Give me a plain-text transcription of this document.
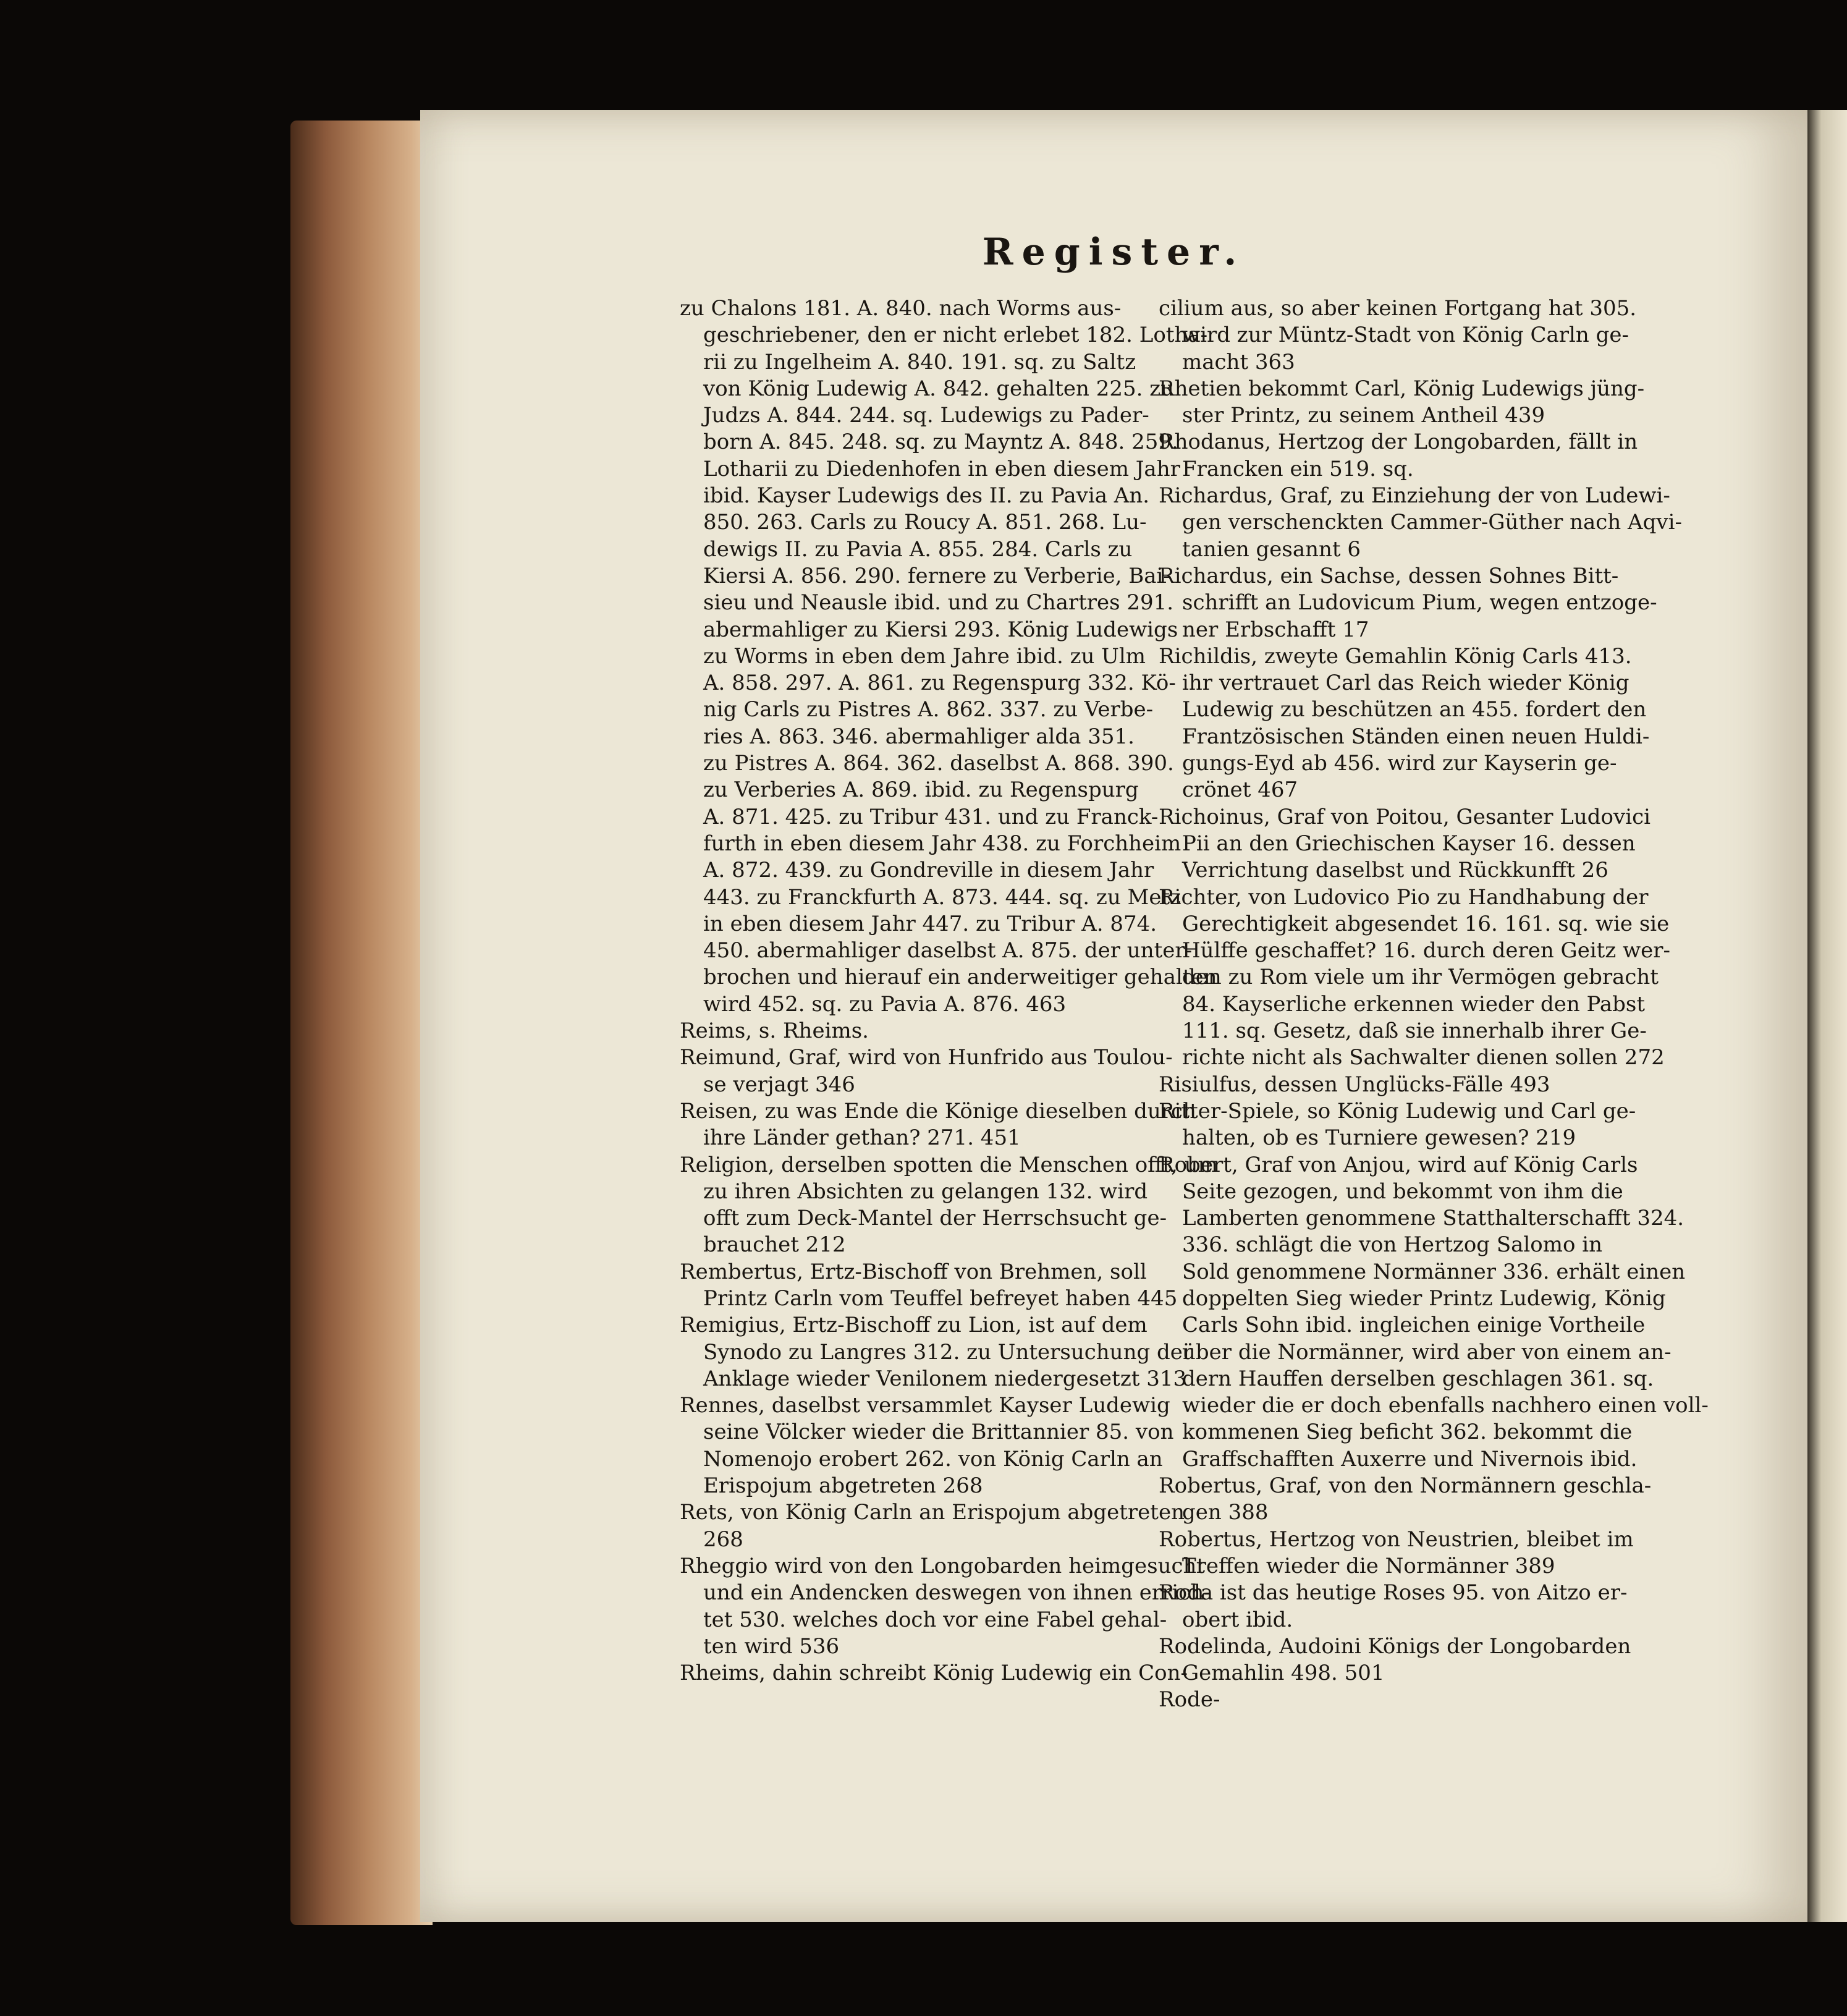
Register.
zu Chalons 181. A. 840. nach Worms aus-
geschriebener, den er nicht erlebet 182. Lotha-
rii zu Ingelheim A. 840. 191. sq. zu Saltz
von König Ludewig A. 842. gehalten 225. zu
Judzs A. 844. 244. sq. Ludewigs zu Pader-
born A. 845. 248. sq. zu Mayntz A. 848. 259.
Lotharii zu Diedenhofen in eben diesem Jahr
ibid. Kayser Ludewigs des II. zu Pavia An.
850. 263. Carls zu Roucy A. 851. 268. Lu-
dewigs II. zu Pavia A. 855. 284. Carls zu
Kiersi A. 856. 290. fernere zu Verberie, Bai-
sieu und Neausle ibid. und zu Chartres 291.
abermahliger zu Kiersi 293. König Ludewigs
zu Worms in eben dem Jahre ibid. zu Ulm
A. 858. 297. A. 861. zu Regenspurg 332. Kö-
nig Carls zu Pistres A. 862. 337. zu Verbe-
ries A. 863. 346. abermahliger alda 351.
zu Pistres A. 864. 362. daselbst A. 868. 390.
zu Verberies A. 869. ibid. zu Regenspurg
A. 871. 425. zu Tribur 431. und zu Franck-
furth in eben diesem Jahr 438. zu Forchheim
A. 872. 439. zu Gondreville in diesem Jahr
443. zu Franckfurth A. 873. 444. sq. zu Metz
in eben diesem Jahr 447. zu Tribur A. 874.
450. abermahliger daselbst A. 875. der unter-
brochen und hierauf ein anderweitiger gehalten
wird 452. sq. zu Pavia A. 876. 463
Reims, s. Rheims.
Reimund, Graf, wird von Hunfrido aus Toulou-
se verjagt 346
Reisen, zu was Ende die Könige dieselben durch
ihre Länder gethan? 271. 451
Religion, derselben spotten die Menschen offt, um
zu ihren Absichten zu gelangen 132. wird
offt zum Deck-Mantel der Herrschsucht ge-
brauchet 212
Rembertus, Ertz-Bischoff von Brehmen, soll
Printz Carln vom Teuffel befreyet haben 445
Remigius, Ertz-Bischoff zu Lion, ist auf dem
Synodo zu Langres 312. zu Untersuchung der
Anklage wieder Venilonem niedergesetzt 313
Rennes, daselbst versammlet Kayser Ludewig
seine Völcker wieder die Brittannier 85. von
Nomenojo erobert 262. von König Carln an
Erispojum abgetreten 268
Rets, von König Carln an Erispojum abgetreten
268
Rheggio wird von den Longobarden heimgesucht
und ein Andencken deswegen von ihnen errich-
tet 530. welches doch vor eine Fabel gehal-
ten wird 536
Rheims, dahin schreibt König Ludewig ein Con-
cilium aus, so aber keinen Fortgang hat 305.
wird zur Müntz-Stadt von König Carln ge-
macht 363
Rhetien bekommt Carl, König Ludewigs jüng-
ster Printz, zu seinem Antheil 439
Rhodanus, Hertzog der Longobarden, fällt in
Francken ein 519. sq.
Richardus, Graf, zu Einziehung der von Ludewi-
gen verschenckten Cammer-Güther nach Aqvi-
tanien gesannt 6
Richardus, ein Sachse, dessen Sohnes Bitt-
schrifft an Ludovicum Pium, wegen entzoge-
ner Erbschafft 17
Richildis, zweyte Gemahlin König Carls 413.
ihr vertrauet Carl das Reich wieder König
Ludewig zu beschützen an 455. fordert den
Frantzösischen Ständen einen neuen Huldi-
gungs-Eyd ab 456. wird zur Kayserin ge-
crönet 467
Richoinus, Graf von Poitou, Gesanter Ludovici
Pii an den Griechischen Kayser 16. dessen
Verrichtung daselbst und Rückkunfft 26
Richter, von Ludovico Pio zu Handhabung der
Gerechtigkeit abgesendet 16. 161. sq. wie sie
Hülffe geschaffet? 16. durch deren Geitz wer-
den zu Rom viele um ihr Vermögen gebracht
84. Kayserliche erkennen wieder den Pabst
111. sq. Gesetz, daß sie innerhalb ihrer Ge-
richte nicht als Sachwalter dienen sollen 272
Risiulfus, dessen Unglücks-Fälle 493
Ritter-Spiele, so König Ludewig und Carl ge-
halten, ob es Turniere gewesen? 219
Robert, Graf von Anjou, wird auf König Carls
Seite gezogen, und bekommt von ihm die
Lamberten genommene Statthalterschafft 324.
336. schlägt die von Hertzog Salomo in
Sold genommene Normänner 336. erhält einen
doppelten Sieg wieder Printz Ludewig, König
Carls Sohn ibid. ingleichen einige Vortheile
über die Normänner, wird aber von einem an-
dern Hauffen derselben geschlagen 361. sq.
wieder die er doch ebenfalls nachhero einen voll-
kommenen Sieg beficht 362. bekommt die
Graffschafften Auxerre und Nivernois ibid.
Robertus, Graf, von den Normännern geschla-
gen 388
Robertus, Hertzog von Neustrien, bleibet im
Treffen wieder die Normänner 389
Roda ist das heutige Roses 95. von Aitzo er-
obert ibid.
Rodelinda, Audoini Königs der Longobarden
Gemahlin 498. 501
Rode-
